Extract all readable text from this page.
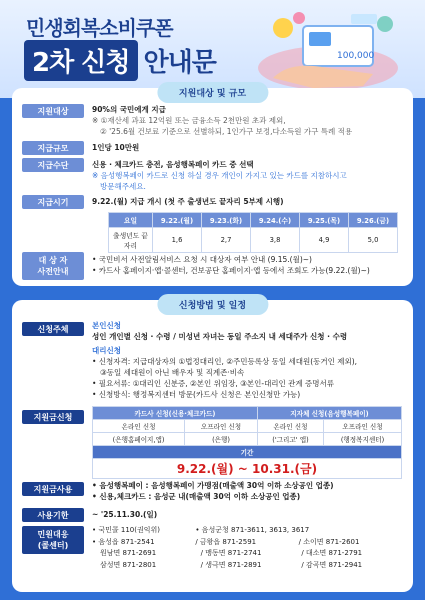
민생회복소비쿠폰
2차 신청 안내문	100,000
지원대상 및 규모
지원대상	90%의 국민에게 지급
※ ①재산세 과표 12억원 또는 금융소득 2천만원 초과 제외,
② '25.6월 건보료 기준으로 선별하되, 1인가구 보정,다소득원 가구 특례 적용
지급규모	1인당 10만원
지급수단	신용 · 체크카드 충전, 음성행복페이 카드 중 선택
※ 음성행복페이 카드로 신청 하실 경우 개인이 가지고 있는 카드를 지참하시고
방문해주세요.
지급시기	9.22.(월) 지급 개시 (첫 주 출생년도 끝자리 5부제 시행)
요일	9.22.(월)	9.23.(화)	9.24.(수)	9.25.(목)	9.26.(금)
출생년도 끝자리	1,6	2,7	3,8	4,9	5,0
대 상 자
사전안내
• 국민비서 사전알림서비스 요청 시 대상자 여부 안내 (9.15.(월)~)
• 카드사 홈페이지·앱·콜센터, 건보공단 홈페이지·앱 등에서 조회도 가능(9.22.(월)~)
신청방법 및 일정
신청주체	본인신청
성인 개인별 신청 · 수령 / 미성년 자녀는 동일 주소지 내 세대주가 신청 · 수령
대리신청
• 신청자격: 지급대상자의 ①법정대리인, ②주민등록상 동일 세대원(동거인 제외),
③동일 세대원이 아닌 배우자 및 직계존·비속
• 필요서류: ①대리인 신분증, ②본인 위임장, ③본인-대리인 관계 증명서류
• 신청방식: 행정복지센터 방문(카드사 신청은 본인신청만 가능)
지원금신청	카드사 신청(신용·체크카드)		지자체 신청(음성행복페이)	
온라인 신청	오프라인 신청	온라인 신청	오프라인 신청
(은행홈페이지,앱)	(은행)	('그리고' 앱)	(행정복지센터)
기간			
9.22.(월) ~ 10.31.(금)			
지원금사용	• 음성행복페이 : 음성행복페이 가맹점(매출액 30억 이하 소상공인 업종)
• 신용,체크카드 : 음성군 내(매출액 30억 이하 소상공인 업종)
사용기한	~ '25.11.30.(일)
민원대응
(콜센터)
• 국민콜 110(권익위)	• 음성군청 871-3611, 3613, 3617
• 음성읍 871-2541	/ 금왕읍 871-2591	/ 소이면 871-2601
원남면 871-2691	/ 맹동면 871-2741	/ 대소면 871-2791
삼성면 871-2801	/ 생극면 871-2891	/ 감곡면 871-2941
